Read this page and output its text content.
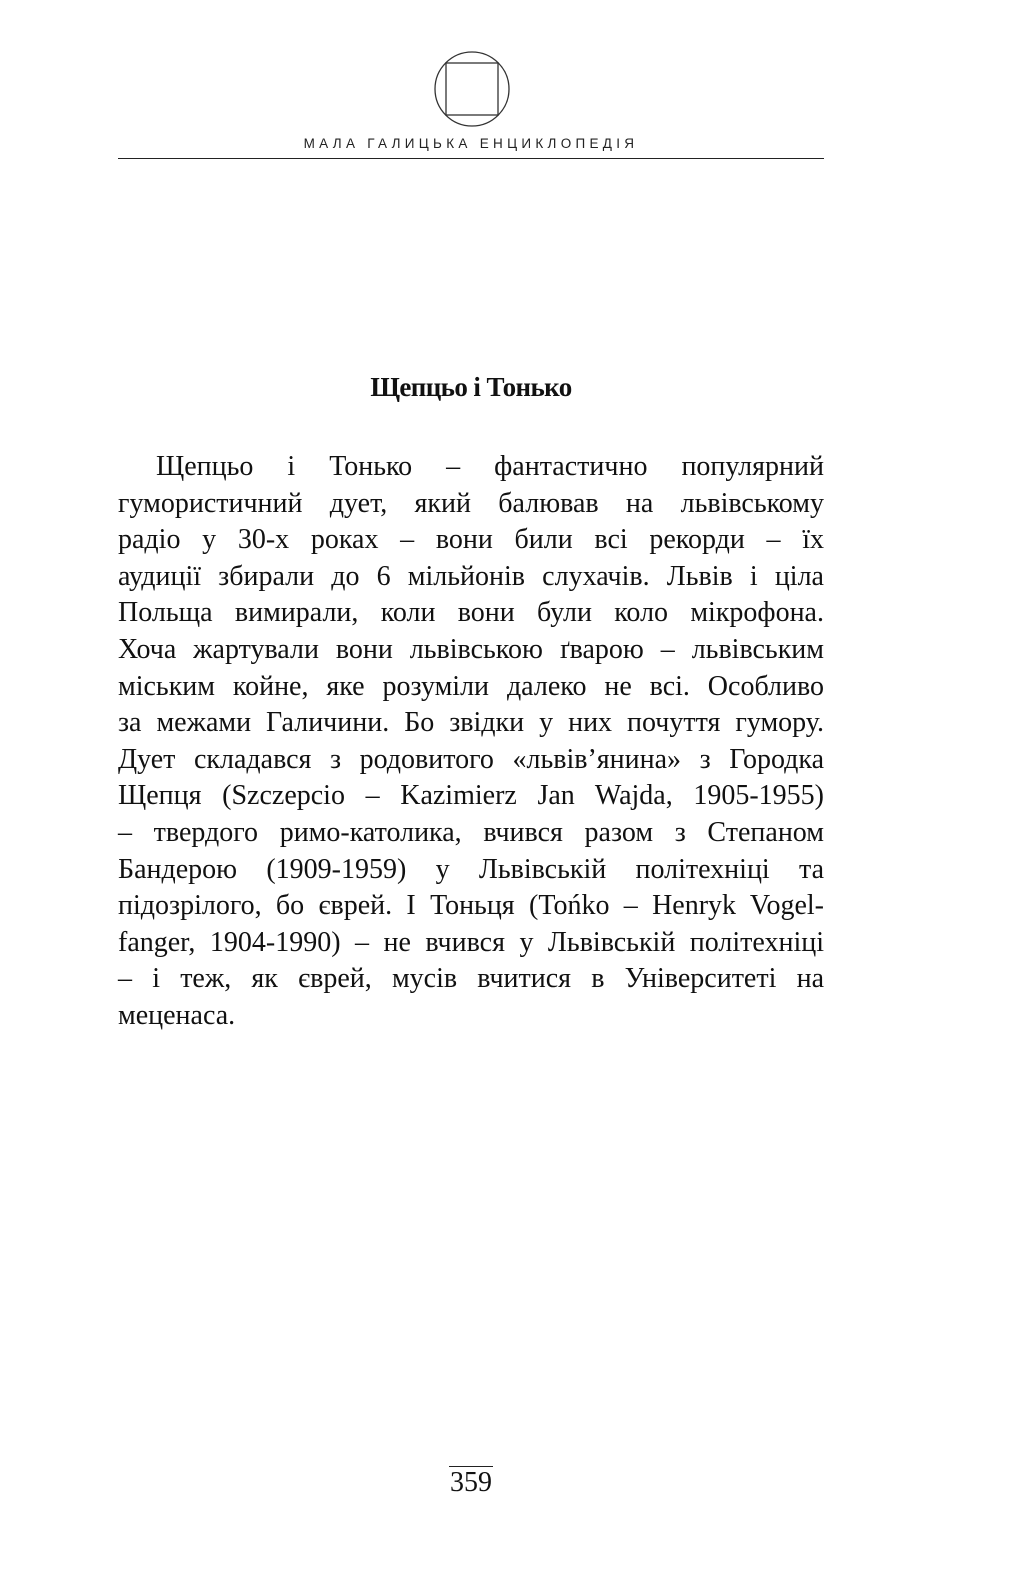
МАЛА ГАЛИЦЬКА ЕНЦИКЛОПЕДІЯ
Щепцьо і Тонько
Щепцьо і Тонько – фантастично популярний
гумористичний дует, який балював на львівському
радіо у 30-х роках – вони били всі рекорди – їх
аудиції збирали до 6 мільйонів слухачів. Львів і ціла
Польща вимирали, коли вони були коло мікрофона.
Хоча жартували вони львівською ґварою – львівським
міським койне, яке розуміли далеко не всі. Особливо
за межами Галичини. Бо звідки у них почуття гумору.
Дует складався з родовитого «львів’янина» з Городка
Щепця (Szczepcio – Kazimierz Jan Wajda, 1905-1955)
– твердого римо-католика, вчився разом з Степаном
Бандерою (1909-1959) у Львівській політехніці та
підозрілого, бо єврей. І Тоньця (Tońko – Henryk Vogel-
fanger, 1904-1990) – не вчився у Львівській політехніці
– і теж, як єврей, мусів вчитися в Університеті на
меценаса.
359
